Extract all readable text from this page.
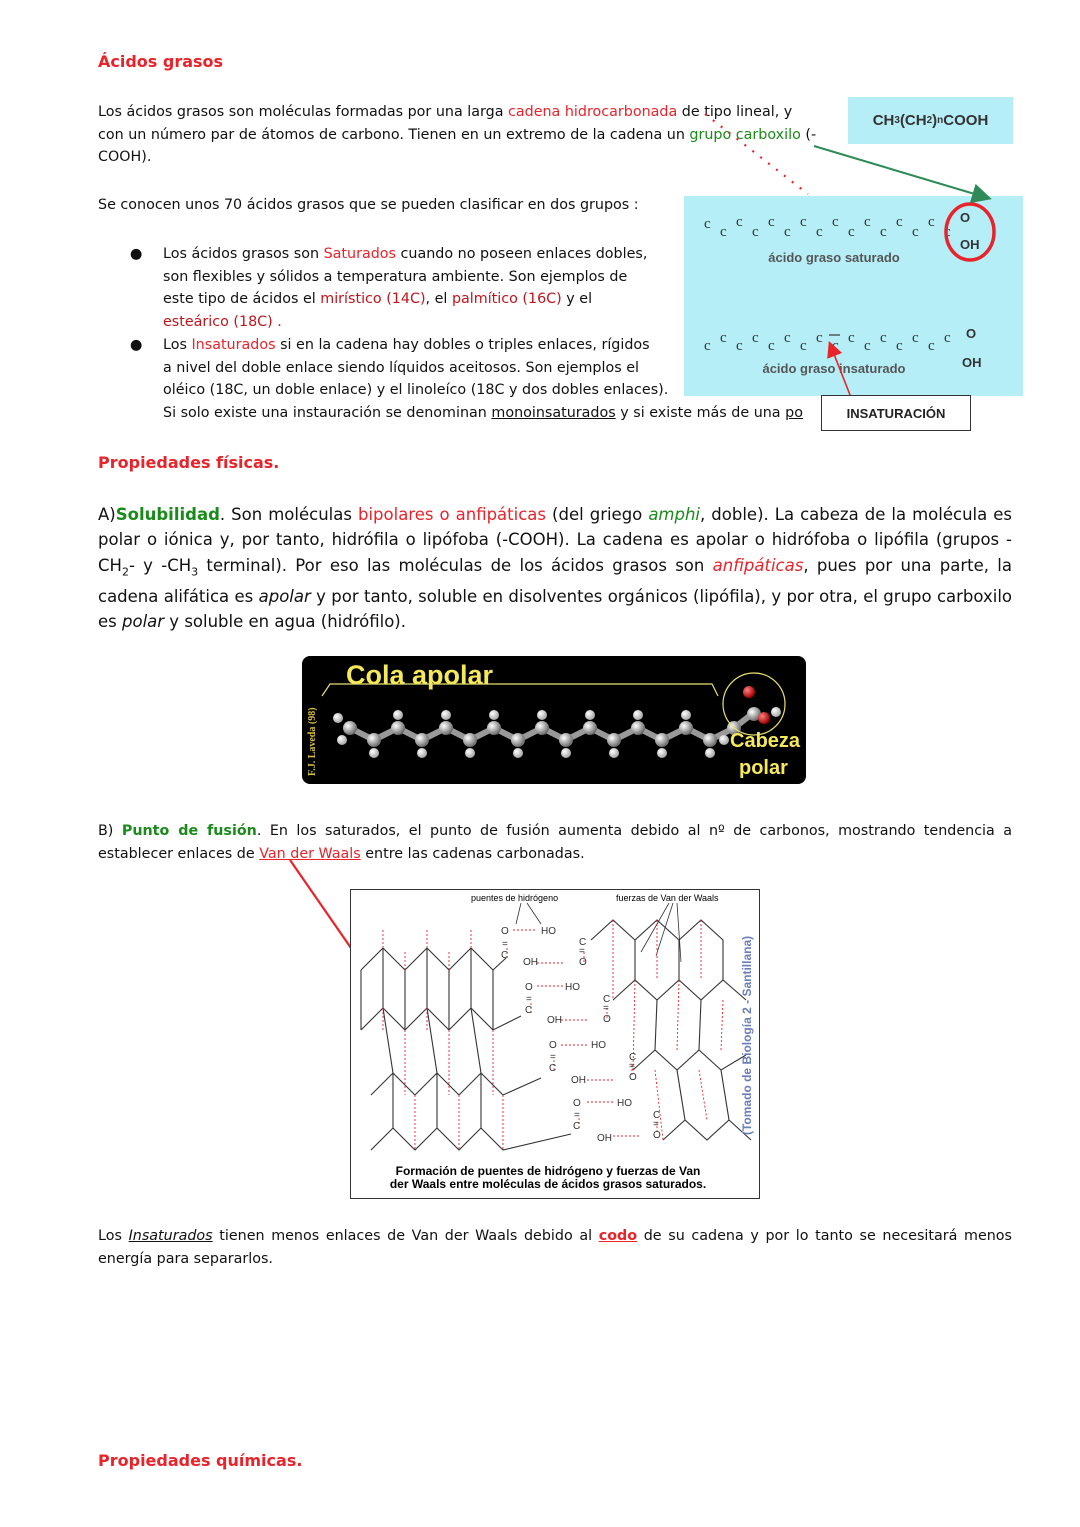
Ácidos grasos
Los ácidos grasos son moléculas formadas por una larga cadena hidrocarbonada de tipo lineal, y
con un número par de átomos de carbono. Tienen en un extremo de la cadena un grupo carboxilo (-
COOH).
CH 3 (CH 2 ) n COOH
Se conocen unos 70 ácidos grasos que se pueden clasificar en dos grupos :
c c
c
c
c
c
c
c
c
c
c
c
c
c
c
c
c c c c c c c c c c c c c c c c
O
OH
O
OH
ácido graso saturado
ácido graso insaturado
INSATURACIÓN
● Los ácidos grasos son Saturados cuando no poseen enlaces dobles,
son flexibles y sólidos a temperatura ambiente. Son ejemplos de
este tipo de ácidos el mirístico (14C), el palmítico (16C) y el
esteárico (18C) .
● Los Insaturados si en la cadena hay dobles o triples enlaces, rígidos
a nivel del doble enlace siendo líquidos aceitosos. Son ejemplos el
oléico (18C, un doble enlace) y el linoleíco (18C y dos dobles enlaces).
Si solo existe una instauración se denominan monoinsaturados y si existe más de una po
Propiedades físicas.
A)Solubilidad. Son moléculas bipolares o anfipáticas (del griego amphi, doble). La cabeza de la molécula es polar o iónica y, por tanto, hidrófila o lipófoba (-COOH). La cadena es apolar o hidrófoba o lipófila (grupos $-CH_2-$ y $-CH_3$ terminal). Por eso las moléculas de los ácidos grasos son anfipáticas, pues por una parte, la cadena alifática es apolar y por tanto, soluble en disolventes orgánicos (lipófila), y por otra, el grupo carboxilo es polar y soluble en agua (hidrófilo).
Cola apolar
F.J. Laveda (98)	Cabeza
polar
B) Punto de fusión. En los saturados, el punto de fusión aumenta debido al nº de carbonos, mostrando tendencia a establecer enlaces de Van der Waals entre las cadenas carbonadas.
puentes de hidrógeno	fuerzas de Van der Waals
O
=
C
OH
HO
C
=
O
O
=
C
OH
HO
C
=
O
O
=
C
OH
HO
C
=
O
O
=
C
OH
HO
C
=
O
(Tomado de Biología 2 - Santillana)
Formación de puentes de hidrógeno y fuerzas de Van
der Waals entre moléculas de ácidos grasos saturados.
Los Insaturados tienen menos enlaces de Van der Waals debido al codo de su cadena y por lo tanto se necesitará menos energía para separarlos.
Propiedades químicas.
